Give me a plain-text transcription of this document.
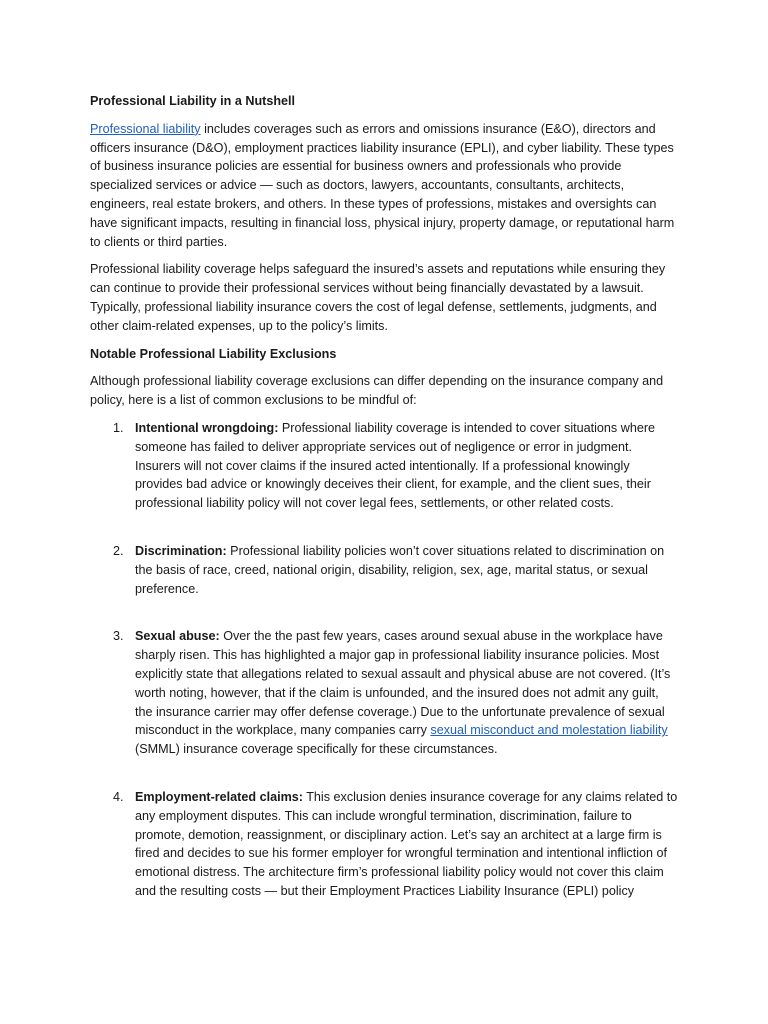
Professional Liability in a Nutshell

Professional liability includes coverages such as errors and omissions insurance (E&O), directors and officers insurance (D&O), employment practices liability insurance (EPLI), and cyber liability. These types of business insurance policies are essential for business owners and professionals who provide specialized services or advice — such as doctors, lawyers, accountants, consultants, architects, engineers, real estate brokers, and others. In these types of professions, mistakes and oversights can have significant impacts, resulting in financial loss, physical injury, property damage, or reputational harm to clients or third parties.

Professional liability coverage helps safeguard the insured’s assets and reputations while ensuring they can continue to provide their professional services without being financially devastated by a lawsuit. Typically, professional liability insurance covers the cost of legal defense, settlements, judgments, and other claim-related expenses, up to the policy’s limits.

Notable Professional Liability Exclusions

Although professional liability coverage exclusions can differ depending on the insurance company and policy, here is a list of common exclusions to be mindful of:

1. Intentional wrongdoing: Professional liability coverage is intended to cover situations where someone has failed to deliver appropriate services out of negligence or error in judgment. Insurers will not cover claims if the insured acted intentionally. If a professional knowingly provides bad advice or knowingly deceives their client, for example, and the client sues, their professional liability policy will not cover legal fees, settlements, or other related costs.
2. Discrimination: Professional liability policies won’t cover situations related to discrimination on the basis of race, creed, national origin, disability, religion, sex, age, marital status, or sexual preference.
3. Sexual abuse: Over the the past few years, cases around sexual abuse in the workplace have sharply risen. This has highlighted a major gap in professional liability insurance policies. Most explicitly state that allegations related to sexual assault and physical abuse are not covered. (It’s worth noting, however, that if the claim is unfounded, and the insured does not admit any guilt, the insurance carrier may offer defense coverage.) Due to the unfortunate prevalence of sexual misconduct in the workplace, many companies carry sexual misconduct and molestation liability (SMML) insurance coverage specifically for these circumstances.
4. Employment-related claims: This exclusion denies insurance coverage for any claims related to any employment disputes. This can include wrongful termination, discrimination, failure to promote, demotion, reassignment, or disciplinary action. Let’s say an architect at a large firm is fired and decides to sue his former employer for wrongful termination and intentional infliction of emotional distress. The architecture firm’s professional liability policy would not cover this claim and the resulting costs — but their Employment Practices Liability Insurance (EPLI) policy
